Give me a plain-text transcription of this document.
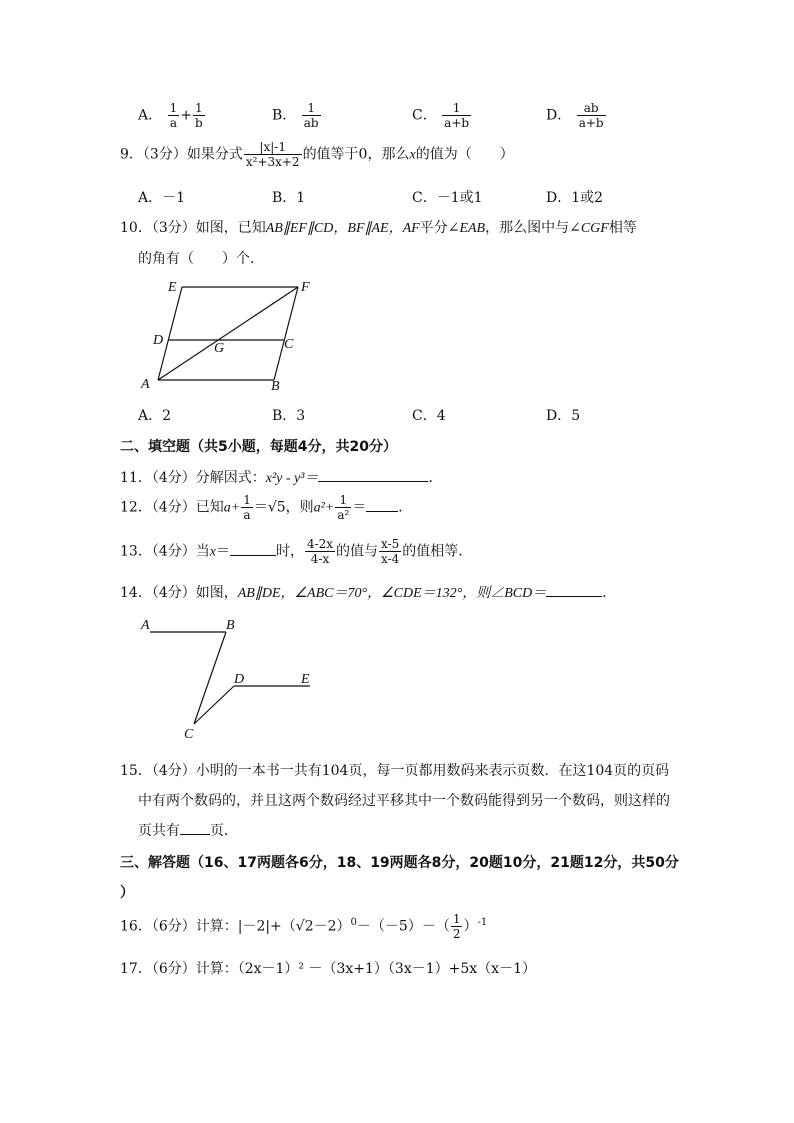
A． $\frac{1}{a} + \frac{1}{b}$	B． $\frac{1}{ab}$	C． $\frac{1}{a+b}$	D． $\frac{ab}{a+b}$
9．（3分）如果分式 $\frac{|x|-1}{\text{x²+3x+2}}$ 的值等于0，那么x的值为（　　）
A．－1	B．1	C．－1或1	D．1或2
10．（3分）如图，已知AB∥EF∥CD，BF∥AE，AF平分∠EAB，那么图中与∠CGF相等
的角有（　　）个．
E	F
D
G	C
A	B
A．2	B．3	C．4	D．5
二、填空题（共5小题，每题4分，共20分）
11．（4分）分解因式：x²y - y³＝	．
12．（4分）已知$a+ \frac{1}{a} =√5$，则$a^2+ \frac{1}{\text{a²}}$ ＝ ．
13．（4分）当x＝	时， $\frac{4-2x}{4-x}$ 的值与 $\frac{x-5}{x-4}$ 的值相等．
14．（4分）如图，AB∥DE，∠ABC＝70°，∠CDE＝132°，则∠BCD＝	．
A	B
D	E
C
15．（4分）小明的一本书一共有104页，每一页都用数码来表示页数．在这104页的页码
中有两个数码的，并且这两个数码经过平移其中一个数码能得到另一个数码，则这样的
页共有 页．
三、解答题（16、17两题各6分，18、19两题各8分，20题10分，21题12分，共50分
）
16．（6分）计算：$|-2|+(√2-2)^0-(-5)-( \frac{1}{2} )^{-1}$
17．（6分）计算：（2x－1）² －（3x+1）（3x－1）+5x（x－1）
